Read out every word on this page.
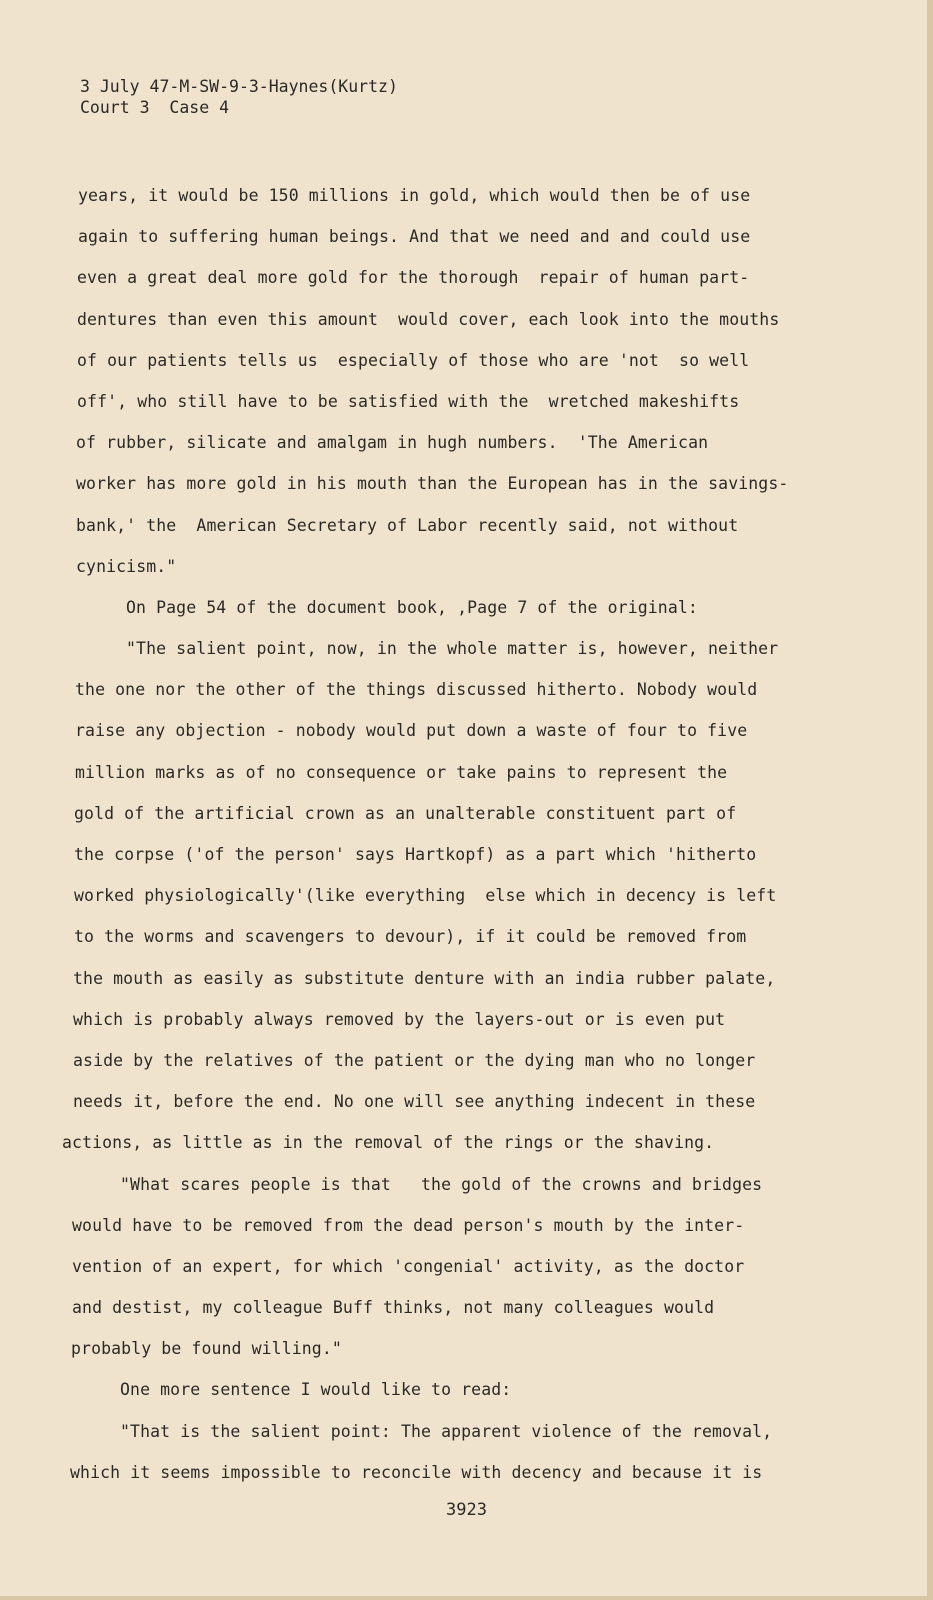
3 July 47-M-SW-9-3-Haynes(Kurtz)
Court 3  Case 4
years, it would be 150 millions in gold, which would then be of use
again to suffering human beings. And that we need and and could use
even a great deal more gold for the thorough  repair of human part-
dentures than even this amount  would cover, each look into the mouths
of our patients tells us  especially of those who are 'not  so well
off', who still have to be satisfied with the  wretched makeshifts
of rubber, silicate and amalgam in hugh numbers.  'The American
worker has more gold in his mouth than the European has in the savings-
bank,' the  American Secretary of Labor recently said, not without
cynicism."
On Page 54 of the document book, ,Page 7 of the original:
"The salient point, now, in the whole matter is, however, neither
the one nor the other of the things discussed hitherto. Nobody would
raise any objection - nobody would put down a waste of four to five
million marks as of no consequence or take pains to represent the
gold of the artificial crown as an unalterable constituent part of
the corpse ('of the person' says Hartkopf) as a part which 'hitherto
worked physiologically'(like everything  else which in decency is left
to the worms and scavengers to devour), if it could be removed from
the mouth as easily as substitute denture with an india rubber palate,
which is probably always removed by the layers-out or is even put
aside by the relatives of the patient or the dying man who no longer
needs it, before the end. No one will see anything indecent in these
actions, as little as in the removal of the rings or the shaving.
"What scares people is that   the gold of the crowns and bridges
would have to be removed from the dead person's mouth by the inter-
vention of an expert, for which 'congenial' activity, as the doctor
and destist, my colleague Buff thinks, not many colleagues would
probably be found willing."
One more sentence I would like to read:
"That is the salient point: The apparent violence of the removal,
which it seems impossible to reconcile with decency and because it is
3923
